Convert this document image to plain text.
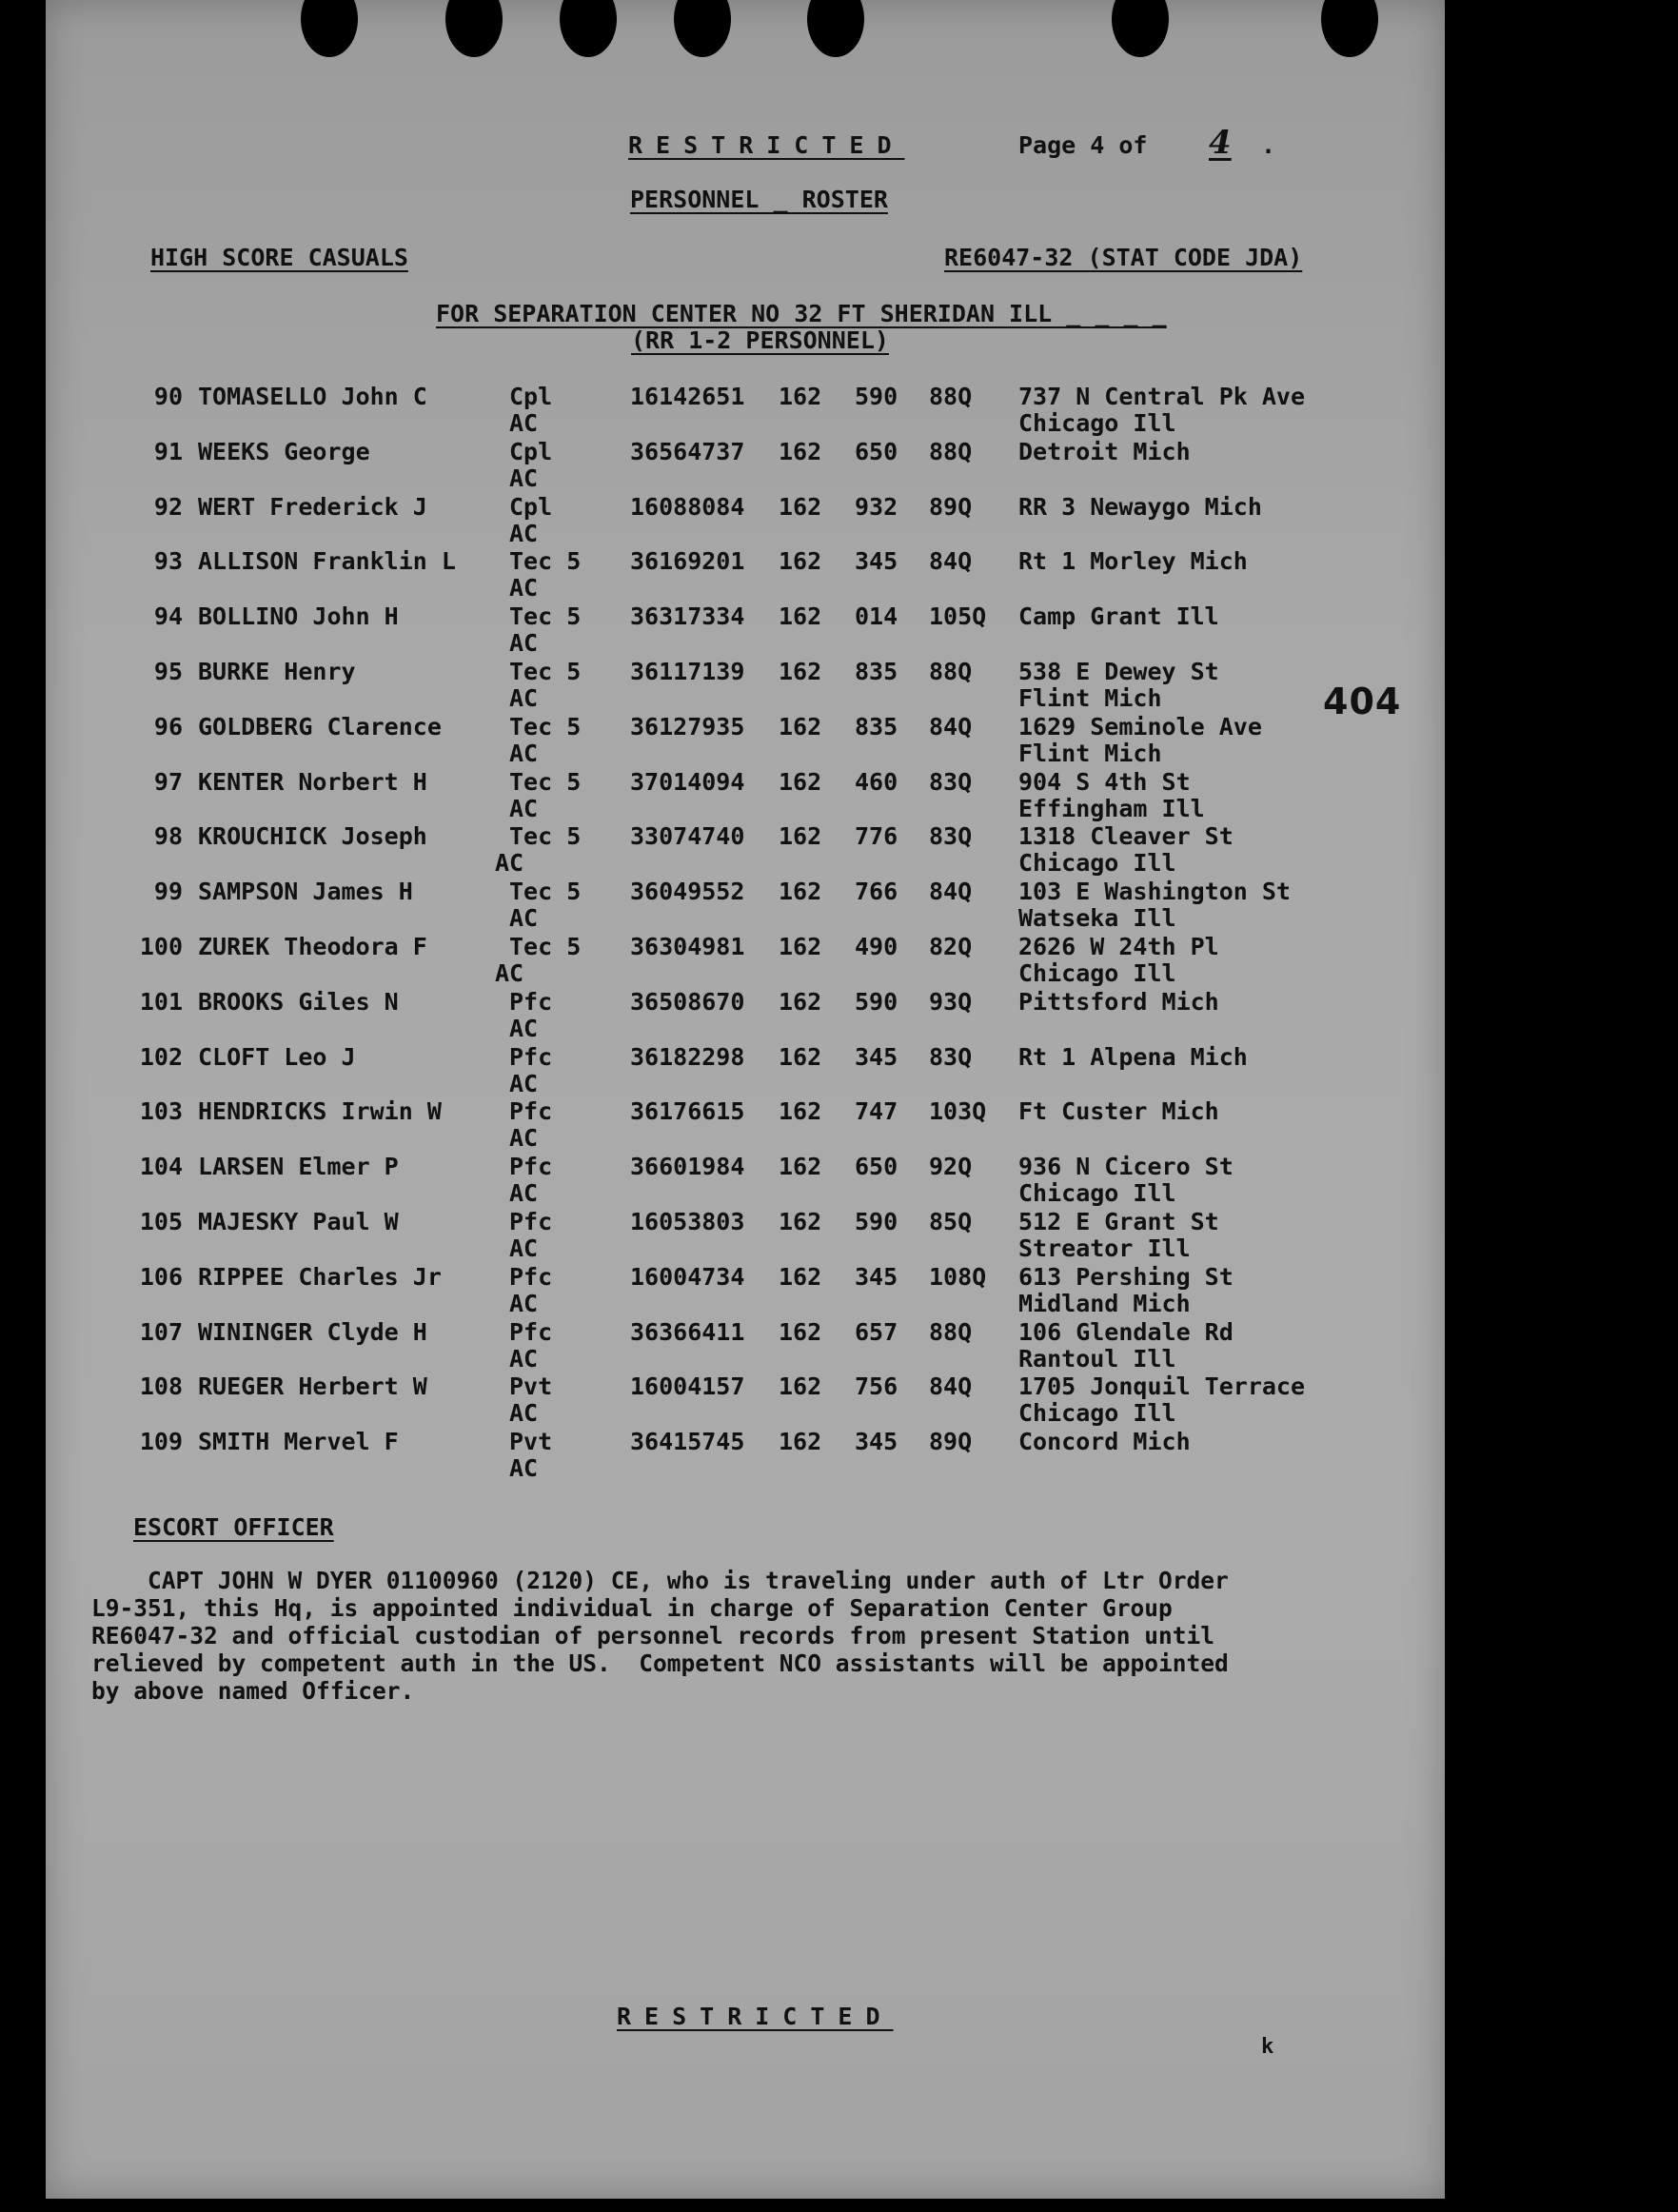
RESTRICTED	Page 4 of	4	.
PERSONNEL _ ROSTER
HIGH SCORE CASUALS	RE6047-32 (STAT CODE JDA)
FOR SEPARATION CENTER NO 32 FT SHERIDAN ILL _ _ _ _
(RR 1-2 PERSONNEL)
90 TOMASELLO John C	Cpl	16142651 162 590 88Q 737 N Central Pk Ave
AC	Chicago Ill
91 WEEKS George	Cpl	36564737 162 650 88Q Detroit Mich
AC
92 WERT Frederick J	Cpl	16088084 162 932 89Q RR 3 Newaygo Mich
AC
93 ALLISON Franklin L Tec 5 36169201 162 345 84Q Rt 1 Morley Mich
AC
94 BOLLINO John H	Tec 5 36317334 162 014 105Q Camp Grant Ill
AC
95 BURKE Henry	Tec 5 36117139 162 835 88Q 538 E Dewey St
AC	Flint Mich
96 GOLDBERG Clarence	Tec 5 36127935 162 835 84Q 1629 Seminole Ave
AC	Flint Mich
97 KENTER Norbert H	Tec 5 37014094 162 460 83Q 904 S 4th St
AC	Effingham Ill
98 KROUCHICK Joseph	Tec 5 33074740 162 776 83Q 1318 Cleaver St
AC	Chicago Ill
99 SAMPSON James H	Tec 5 36049552 162 766 84Q 103 E Washington St
AC	Watseka Ill
100 ZUREK Theodora F	Tec 5 36304981 162 490 82Q 2626 W 24th Pl
AC	Chicago Ill
101 BROOKS Giles N	Pfc	36508670 162 590 93Q Pittsford Mich
AC
102 CLOFT Leo J	Pfc	36182298 162 345 83Q Rt 1 Alpena Mich
AC
103 HENDRICKS Irwin W	Pfc	36176615 162 747 103Q Ft Custer Mich
AC
104 LARSEN Elmer P	Pfc	36601984 162 650 92Q 936 N Cicero St
AC	Chicago Ill
105 MAJESKY Paul W	Pfc	16053803 162 590 85Q 512 E Grant St
AC	Streator Ill
106 RIPPEE Charles Jr	Pfc	16004734 162 345 108Q 613 Pershing St
AC	Midland Mich
107 WININGER Clyde H	Pfc	36366411 162 657 88Q 106 Glendale Rd
AC	Rantoul Ill
108 RUEGER Herbert W	Pvt	16004157 162 756 84Q 1705 Jonquil Terrace
AC	Chicago Ill
109 SMITH Mervel F	Pvt	36415745 162 345 89Q Concord Mich
AC
404
ESCORT OFFICER
CAPT JOHN W DYER 01100960 (2120) CE, who is traveling under auth of Ltr Order
L9-351, this Hq, is appointed individual in charge of Separation Center Group
RE6047-32 and official custodian of personnel records from present Station until
relieved by competent auth in the US.  Competent NCO assistants will be appointed
by above named Officer.
RESTRICTED
k
